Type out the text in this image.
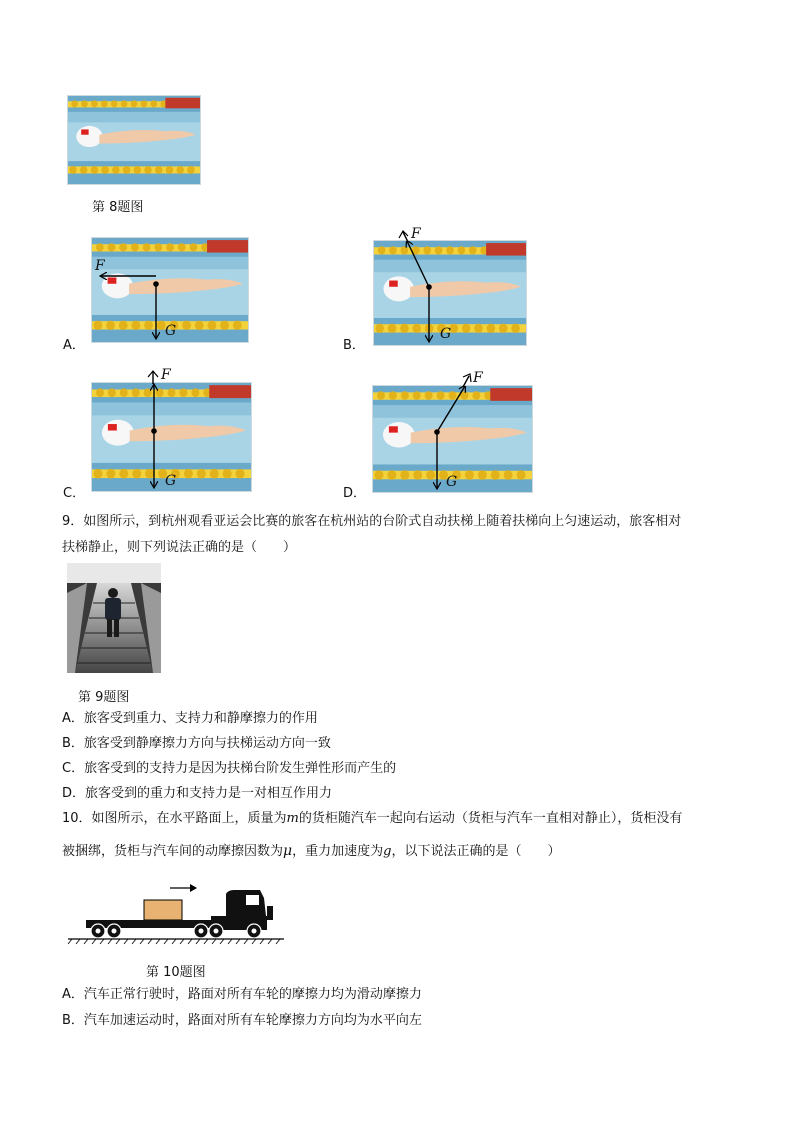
第 8题图
A．
F
G
B．
F
G
C．
F
G
D．
F
G
9．如图所示，到杭州观看亚运会比赛的旅客在杭州站的台阶式自动扶梯上随着扶梯向上匀速运动，旅客相对
扶梯静止，则下列说法正确的是（　　）
第 9题图
A．旅客受到重力、支持力和静摩擦力的作用
B．旅客受到静摩擦力方向与扶梯运动方向一致
C．旅客受到的支持力是因为扶梯台阶发生弹性形而产生的
D．旅客受到的重力和支持力是一对相互作用力
10．如图所示，在水平路面上，质量为m的货柜随汽车一起向右运动（货柜与汽车一直相对静止），货柜没有
被捆绑，货柜与汽车间的动摩擦因数为μ，重力加速度为g，以下说法正确的是（　　）
第 10题图
A．汽车正常行驶时，路面对所有车轮的摩擦力均为滑动摩擦力
B．汽车加速运动时，路面对所有车轮摩擦力方向均为水平向左
